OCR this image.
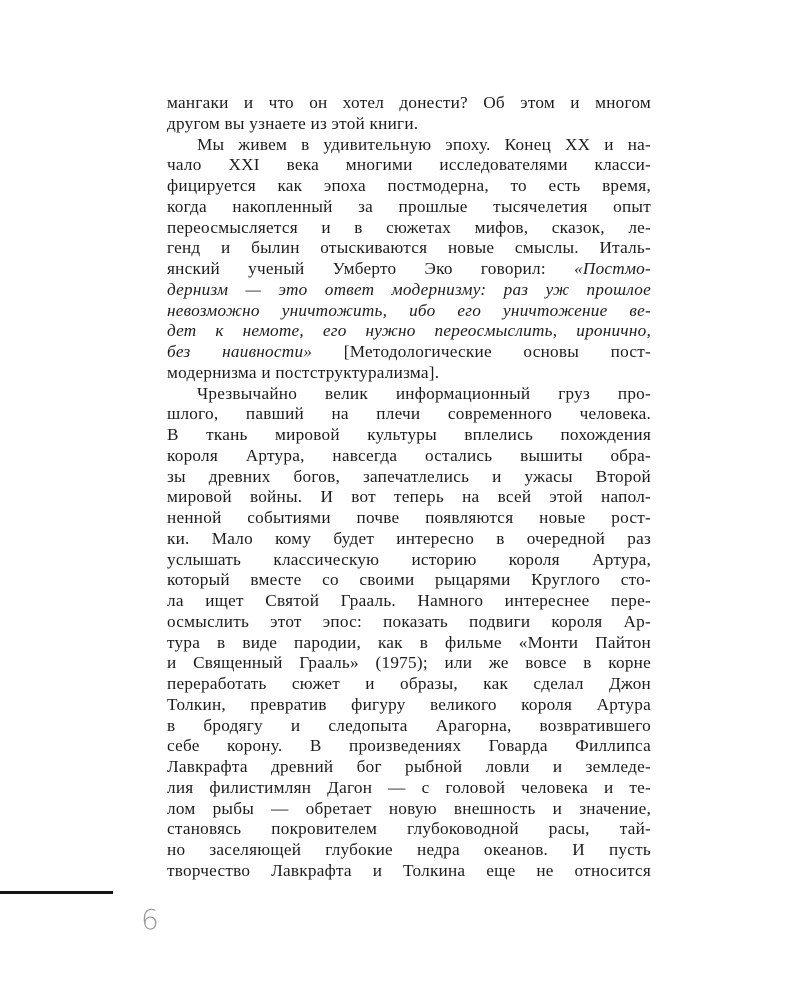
мангаки и что он хотел донести? Об этом и многом
другом вы узнаете из этой книги.
Мы живем в удивительную эпоху. Конец XX и на-
чало XXI века многими исследователями класси-
фицируется как эпоха постмодерна, то есть время,
когда накопленный за прошлые тысячелетия опыт
переосмысляется и в сюжетах мифов, сказок, ле-
генд и былин отыскиваются новые смыслы. Италь-
янский ученый Умберто Эко говорил: «Постмо-
дернизм — это ответ модернизму: раз уж прошлое
невозможно уничтожить, ибо его уничтожение ве-
дет к немоте, его нужно переосмыслить, иронично,
без наивности» [Методологические основы пост-
модернизма и постструктурализма].
Чрезвычайно велик информационный груз про-
шлого, павший на плечи современного человека.
В ткань мировой культуры вплелись похождения
короля Артура, навсегда остались вышиты обра-
зы древних богов, запечатлелись и ужасы Второй
мировой войны. И вот теперь на всей этой напол-
ненной событиями почве появляются новые рост-
ки. Мало кому будет интересно в очередной раз
услышать классическую историю короля Артура,
который вместе со своими рыцарями Круглого сто-
ла ищет Святой Грааль. Намного интереснее пере-
осмыслить этот эпос: показать подвиги короля Ар-
тура в виде пародии, как в фильме «Монти Пайтон
и Священный Грааль» (1975); или же вовсе в корне
переработать сюжет и образы, как сделал Джон
Толкин, превратив фигуру великого короля Артура
в бродягу и следопыта Арагорна, возвратившего
себе корону. В произведениях Говарда Филлипса
Лавкрафта древний бог рыбной ловли и земледе-
лия филистимлян Дагон — с головой человека и те-
лом рыбы — обретает новую внешность и значение,
становясь покровителем глубоководной расы, тай-
но заселяющей глубокие недра океанов. И пусть
творчество Лавкрафта и Толкина еще не относится
6
